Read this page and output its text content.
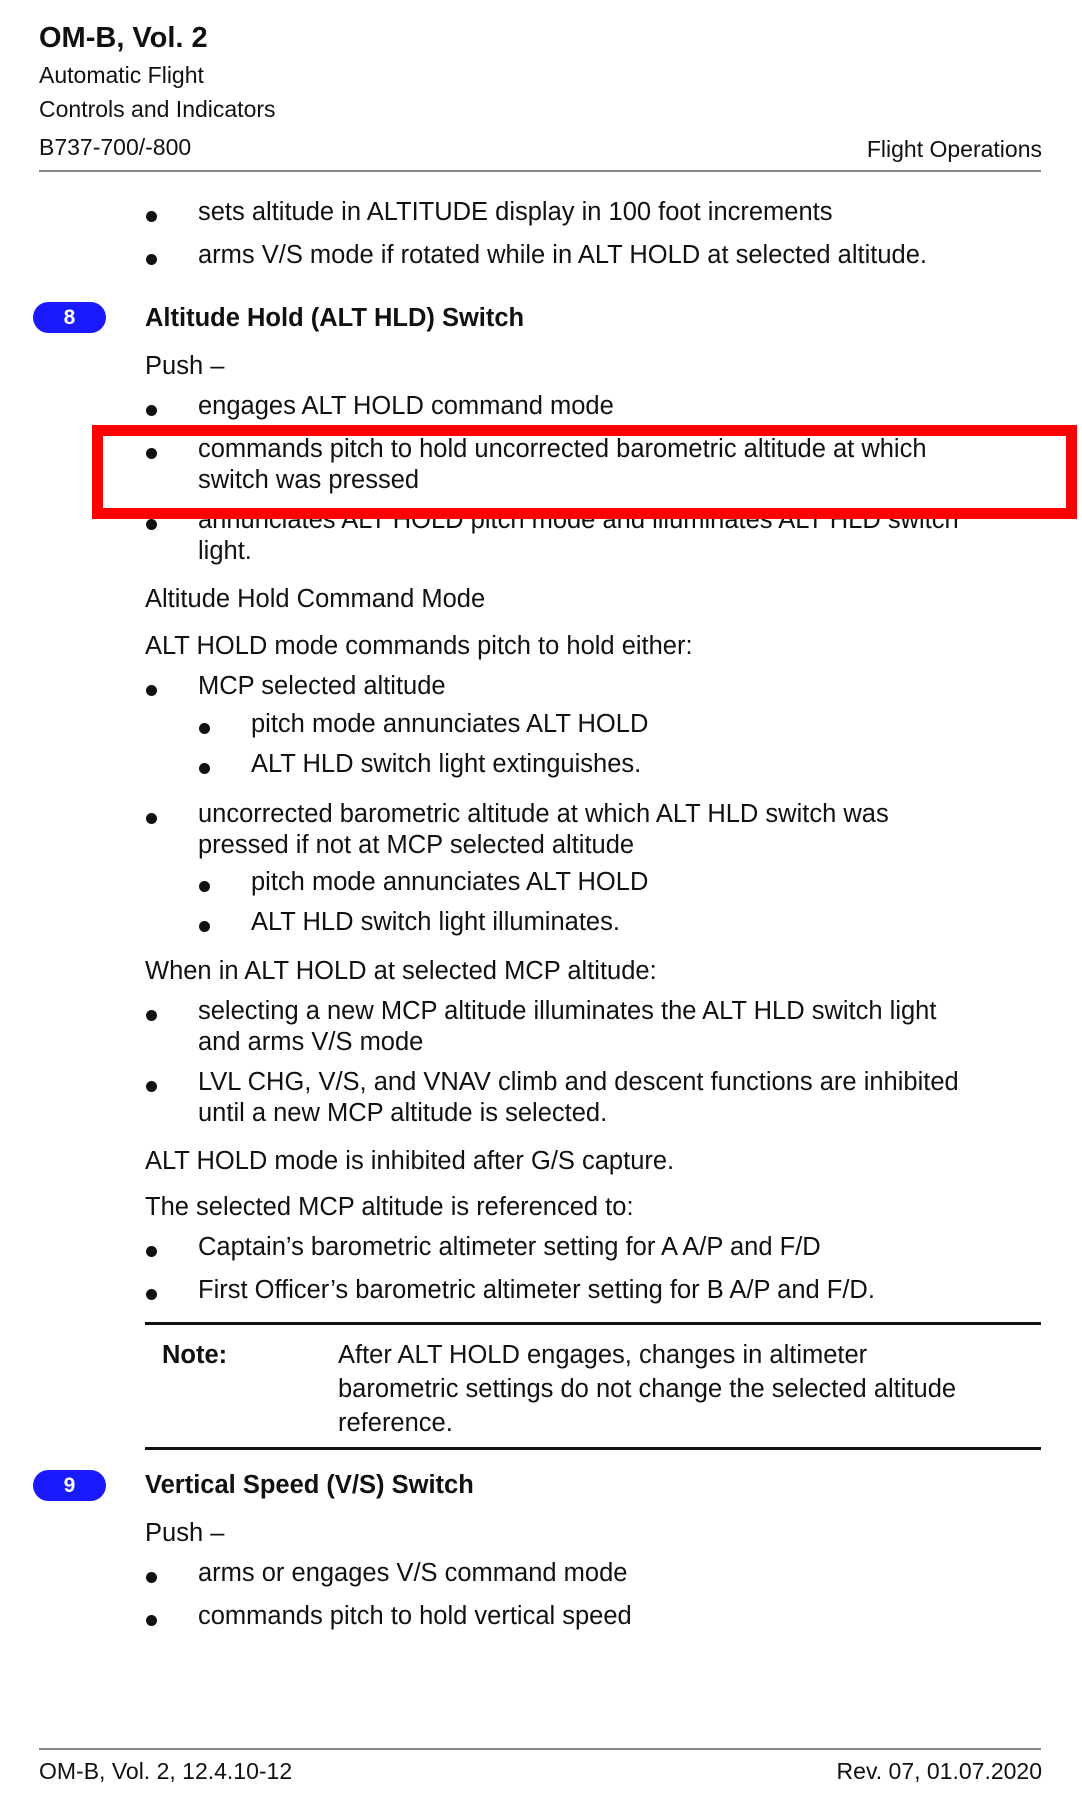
OM-B, Vol. 2
Automatic Flight
Controls and Indicators
B737-700/-800	Flight Operations
sets altitude in ALTITUDE display in 100 foot increments
arms V/S mode if rotated while in ALT HOLD at selected altitude.
8	Altitude Hold (ALT HLD) Switch
Push –
engages ALT HOLD command mode
commands pitch to hold uncorrected barometric altitude at which
switch was pressed
annunciates ALT HOLD pitch mode and illuminates ALT HLD switch
light.
Altitude Hold Command Mode
ALT HOLD mode commands pitch to hold either:
MCP selected altitude
pitch mode annunciates ALT HOLD
ALT HLD switch light extinguishes.
uncorrected barometric altitude at which ALT HLD switch was
pressed if not at MCP selected altitude
pitch mode annunciates ALT HOLD
ALT HLD switch light illuminates.
When in ALT HOLD at selected MCP altitude:
selecting a new MCP altitude illuminates the ALT HLD switch light
and arms V/S mode
LVL CHG, V/S, and VNAV climb and descent functions are inhibited
until a new MCP altitude is selected.
ALT HOLD mode is inhibited after G/S capture.
The selected MCP altitude is referenced to:
Captain’s barometric altimeter setting for A A/P and F/D
First Officer’s barometric altimeter setting for B A/P and F/D.
Note:	After ALT HOLD engages, changes in altimeter
barometric settings do not change the selected altitude
reference.
9	Vertical Speed (V/S) Switch
Push –
arms or engages V/S command mode
commands pitch to hold vertical speed
OM-B, Vol. 2, 12.4.10-12	Rev. 07, 01.07.2020
